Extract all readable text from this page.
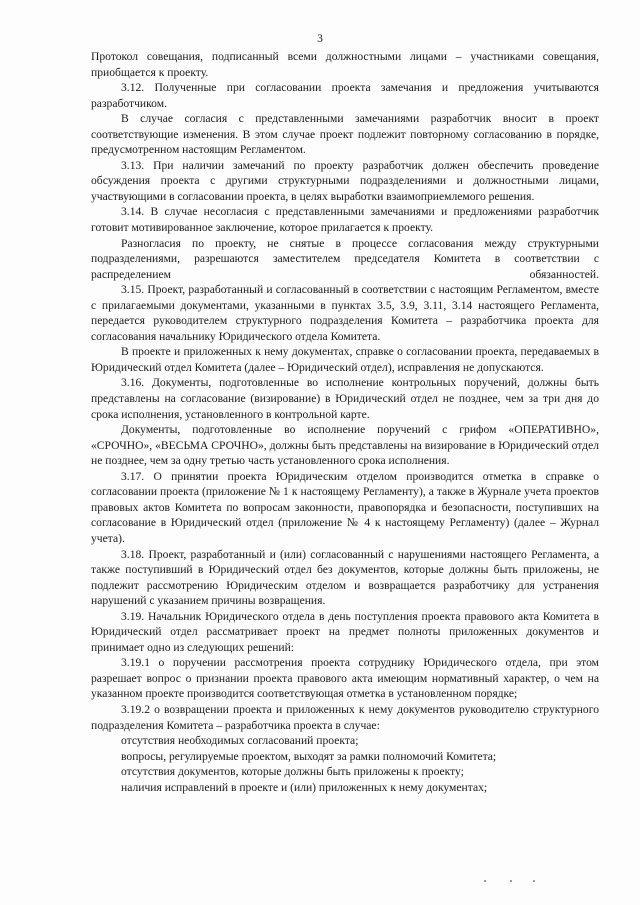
3

Протокол совещания, подписанный всеми должностными лицами – участниками совещания, приобщается к проекту.

3.12. Полученные при согласовании проекта замечания и предложения учитываются разработчиком.

В случае согласия с представленными замечаниями разработчик вносит в проект соответствующие изменения. В этом случае проект подлежит повторному согласованию в порядке, предусмотренном настоящим Регламентом.

3.13. При наличии замечаний по проекту разработчик должен обеспечить проведение обсуждения проекта с другими структурными подразделениями и должностными лицами, участвующими в согласовании проекта, в целях выработки взаимоприемлемого решения.

3.14. В случае несогласия с представленными замечаниями и предложениями разработчик готовит мотивированное заключение, которое прилагается к проекту.

Разногласия по проекту, не снятые в процессе согласования между структурными подразделениями, разрешаются заместителем председателя Комитета в соответствии с распределением обязанностей.

3.15. Проект, разработанный и согласованный в соответствии с настоящим Регламентом, вместе с прилагаемыми документами, указанными в пунктах 3.5, 3.9, 3.11, 3.14 настоящего Регламента, передается руководителем структурного подразделения Комитета – разработчика проекта для согласования начальнику Юридического отдела Комитета.

В проекте и приложенных к нему документах, справке о согласовании проекта, передаваемых в Юридический отдел Комитета (далее – Юридический отдел), исправления не допускаются.

3.16. Документы, подготовленные во исполнение контрольных поручений, должны быть представлены на согласование (визирование) в Юридический отдел не позднее, чем за три дня до срока исполнения, установленного в контрольной карте.

Документы, подготовленные во исполнение поручений с грифом «ОПЕРАТИВНО», «СРОЧНО», «ВЕСЬМА СРОЧНО», должны быть представлены на визирование в Юридический отдел не позднее, чем за одну третью часть установленного срока исполнения.

3.17. О принятии проекта Юридическим отделом производится отметка в справке о согласовании проекта (приложение № 1 к настоящему Регламенту), а также в Журнале учета проектов правовых актов Комитета по вопросам законности, правопорядка и безопасности, поступивших на согласование в Юридический отдел (приложение № 4 к настоящему Регламенту) (далее – Журнал учета).

3.18. Проект, разработанный и (или) согласованный с нарушениями настоящего Регламента, а также поступивший в Юридический отдел без документов, которые должны быть приложены, не подлежит рассмотрению Юридическим отделом и возвращается разработчику для устранения нарушений с указанием причины возвращения.

3.19. Начальник Юридического отдела в день поступления проекта правового акта Комитета в Юридический отдел рассматривает проект на предмет полноты приложенных документов и принимает одно из следующих решений:

3.19.1 о поручении рассмотрения проекта сотруднику Юридического отдела, при этом разрешает вопрос о признании проекта правового акта имеющим нормативный характер, о чем на указанном проекте производится соответствующая отметка в установленном порядке;

3.19.2 о возвращении проекта и приложенных к нему документов руководителю структурного подразделения Комитета – разработчика проекта в случае:

отсутствия необходимых согласований проекта;

вопросы, регулируемые проектом, выходят за рамки полномочий Комитета;

отсутствия документов, которые должны быть приложены к проекту;

наличия исправлений в проекте и (или) приложенных к нему документах;
